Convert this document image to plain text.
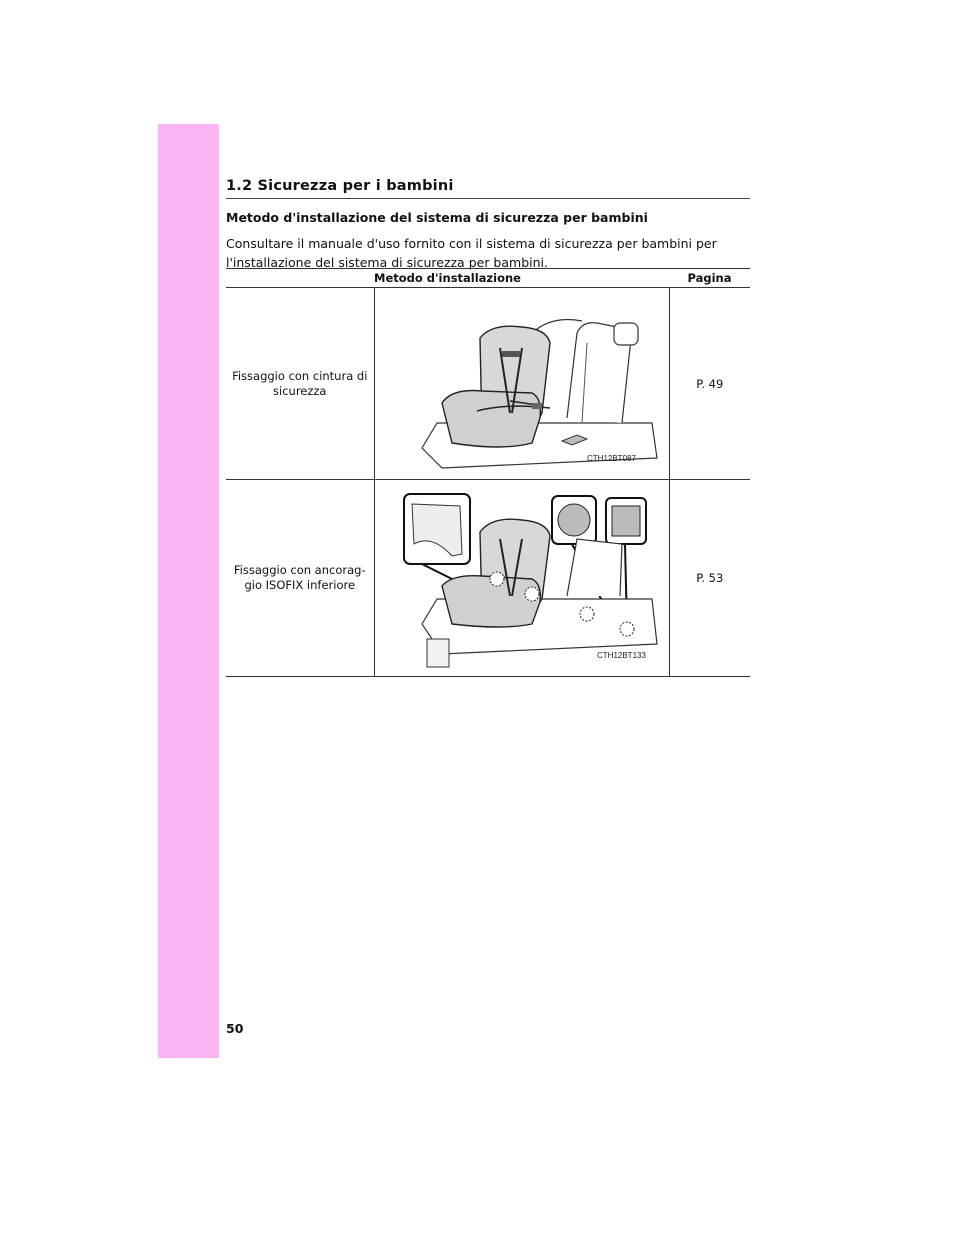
1.2 Sicurezza per i bambini
Metodo d'installazione del sistema di sicurezza per bambini
Consultare il manuale d'uso fornito con il sistema di sicurezza per bambini per
l'installazione del sistema di sicurezza per bambini.
Metodo d'installazione		Pagina

Fissaggio con cintura di
sicurezza	CTH12BT087	P. 49

Fissaggio con ancorag-
gio ISOFIX inferiore	CTH12BT133	P. 53
50
